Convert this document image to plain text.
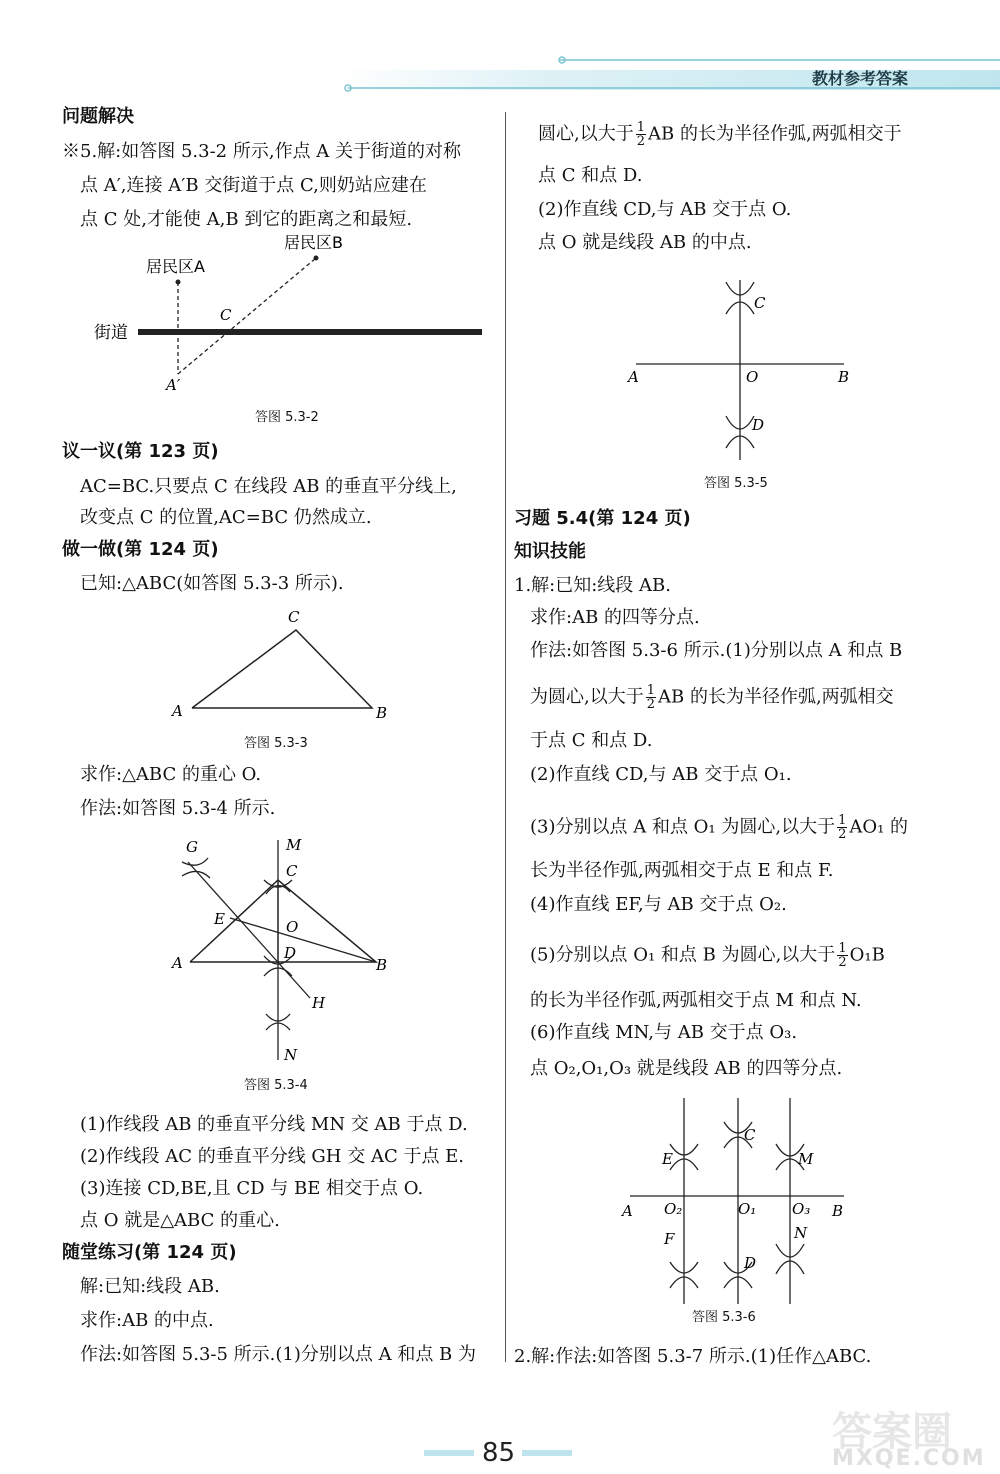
教材参考答案
问题解决
※5.解:如答图 5.3-2 所示,作点 A 关于街道的对称
点 A′,连接 A′B 交街道于点 C,则奶站应建在
点 C 处,才能使 A,B 到它的距离之和最短.
居民区B
居民区A
街道
C
A′
答图 5.3-2
议一议(第 123 页)
AC=BC.只要点 C 在线段 AB 的垂直平分线上,
改变点 C 的位置,AC=BC 仍然成立.
做一做(第 124 页)
已知:△ABC(如答图 5.3-3 所示).
A	B
C
答图 5.3-3
求作:△ABC 的重心 O.
作法:如答图 5.3-4 所示.
G	M
C
E	O
A
D
B
H
N
答图 5.3-4
(1)作线段 AB 的垂直平分线 MN 交 AB 于点 D.
(2)作线段 AC 的垂直平分线 GH 交 AC 于点 E.
(3)连接 CD,BE,且 CD 与 BE 相交于点 O.
点 O 就是△ABC 的重心.
随堂练习(第 124 页)
解:已知:线段 AB.
求作:AB 的中点.
作法:如答图 5.3-5 所示.(1)分别以点 A 和点 B 为
圆心,以大于 $\frac{1}{2}$ AB 的长为半径作弧,两弧相交于
点 C 和点 D.
(2)作直线 CD,与 AB 交于点 O.
点 O 就是线段 AB 的中点.
C
A	O	B
D
答图 5.3-5
习题 5.4(第 124 页)
知识技能
1.解:已知:线段 AB.
求作:AB 的四等分点.
作法:如答图 5.3-6 所示.(1)分别以点 A 和点 B
为圆心,以大于 $\frac{1}{2}$ AB 的长为半径作弧,两弧相交
于点 C 和点 D.
(2)作直线 CD,与 AB 交于点 O₁.
(3)分别以点 A 和点 O₁ 为圆心,以大于 $\frac{1}{2} AO_1$ 的
长为半径作弧,两弧相交于点 E 和点 F.
(4)作直线 EF,与 AB 交于点 O₂.
(5)分别以点 O₁ 和点 B 为圆心,以大于 $\frac{1}{2} O_1B$
的长为半径作弧,两弧相交于点 M 和点 N.
(6)作直线 MN,与 AB 交于点 O₃.
点 O₂,O₁,O₃ 就是线段 AB 的四等分点.
E
C
M
A O₂	O₁ O₃ B
F	N
D
答图 5.3-6
2.解:作法:如答图 5.3-7 所示.(1)任作△ABC.
85	答案圈
MXQE.COM
